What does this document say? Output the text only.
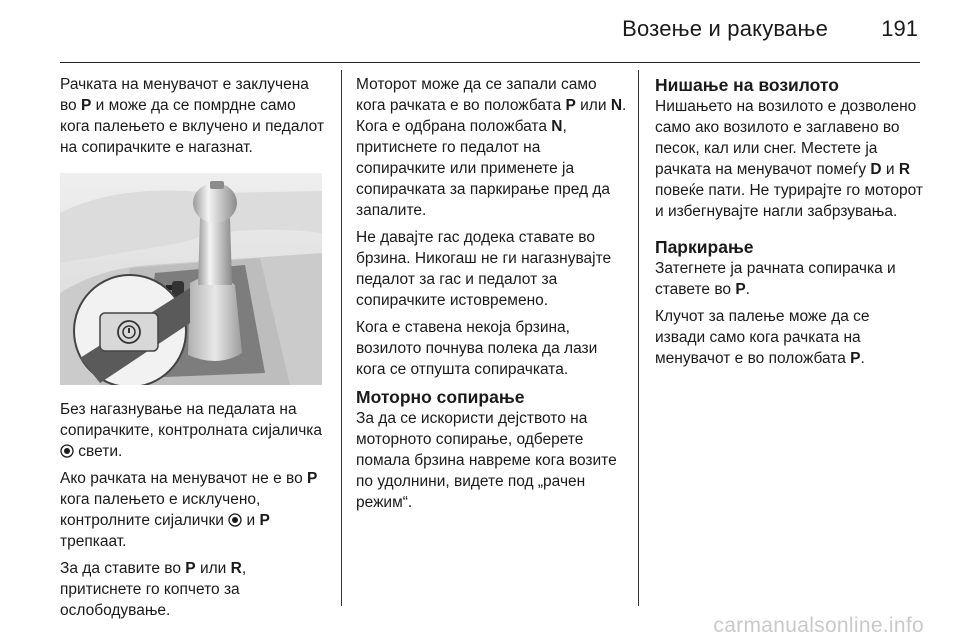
Возење и ракување 191

Рачката на менувачот е заклучена во P и може да се помрдне само кога палењето е вклучено и педалот на сопирачките е нагазнат.

Без нагазнување на педалата на сопирачките, контролната сијаличка  свети.

Ако рачката на менувачот не е во P кога палењето е исклучено, контролните сијалички  и P трепкаат.

За да ставите во P или R, притиснете го копчето за ослободување.

Моторот може да се запали само кога рачката е во положбата P или N. Кога е одбрана положбата N, притиснете го педалот на сопирачките или применете ја сопирачката за паркирање пред да запалите.

Не давајте гас додека ставате во брзина. Никогаш не ги нагазнувајте педалот за гас и педалот за сопирачките истовремено.

Кога е ставена некоја брзина, возилото почнува полека да лази кога се отпушта сопирачката.

Моторно сопирање

За да се искористи дејството на моторното сопирање, одберете помала брзина навреме кога возите по удолнини, видете под „рачен режим“.

Нишање на возилото

Нишањето на возилото е дозволено само ако возилото е заглавено во песок, кал или снег. Местете ја рачката на менувачот помеѓу D и R повеќе пати. Не турирајте го моторот и избегнувајте нагли забрзувања.

Паркирање

Затегнете ја рачната сопирачка и ставете во P.

Клучот за палење може да се извади само кога рачката на менувачот е во положбата P.

carmanualsonline.info
